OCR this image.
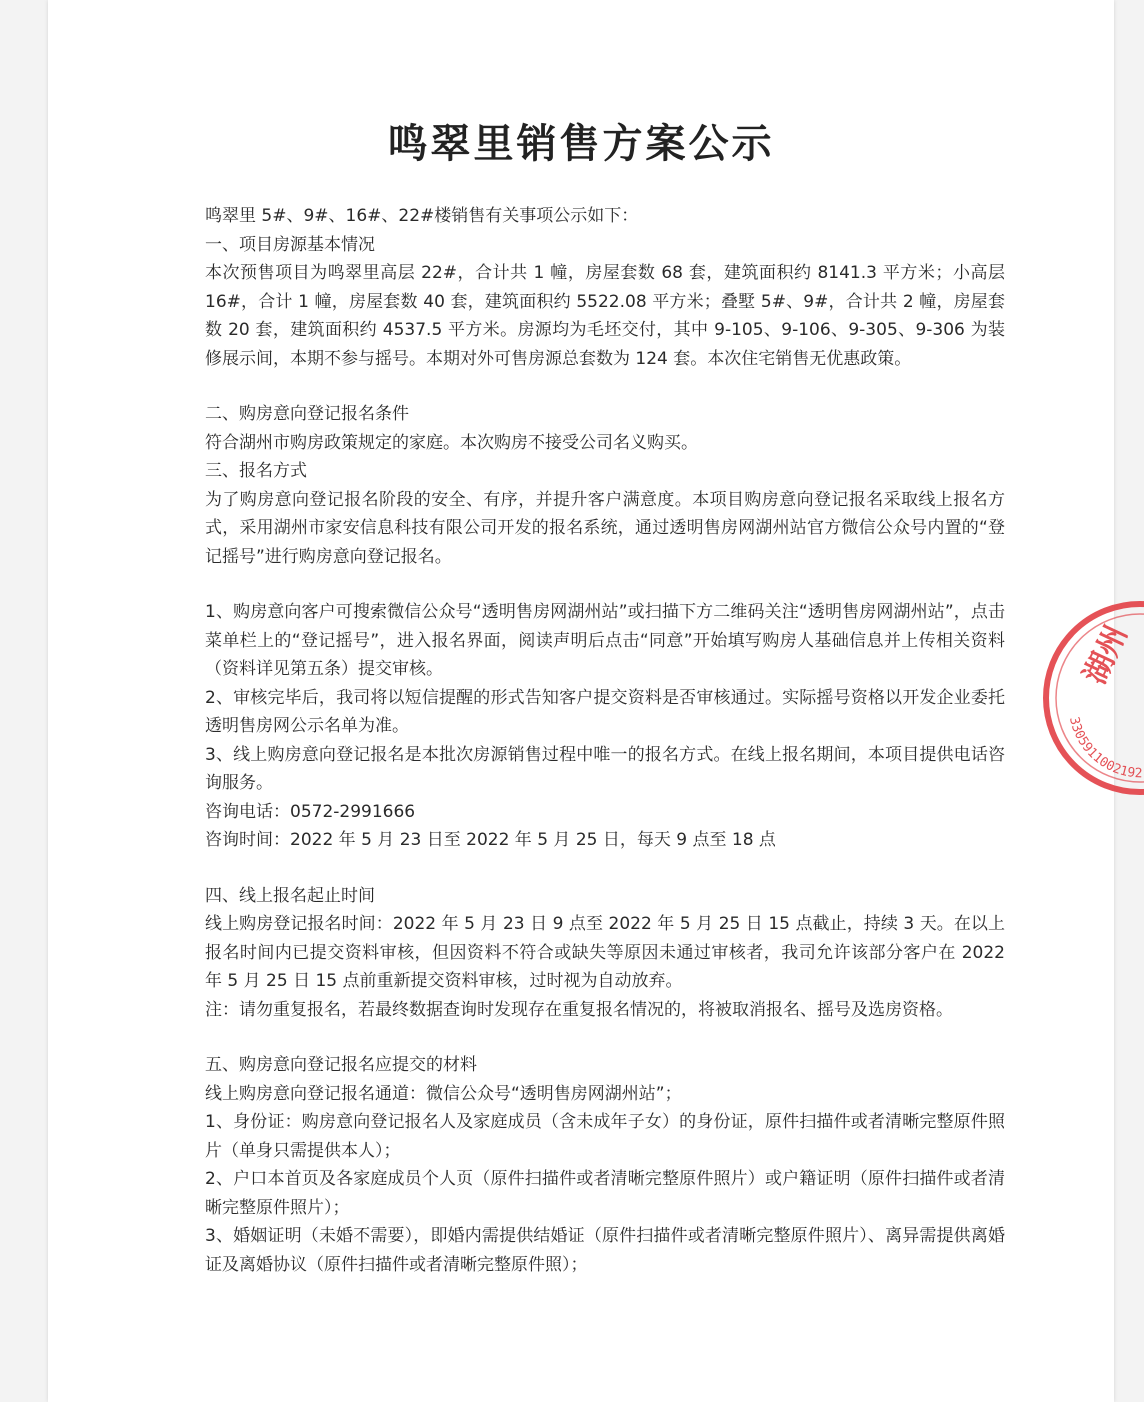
鸣翠里销售方案公示

鸣翠里 5#、9#、16#、22#楼销售有关事项公示如下：

一、项目房源基本情况

本次预售项目为鸣翠里高层 22#，合计共 1 幢，房屋套数 68 套，建筑面积约 8141.3 平方米；小高层 16#，合计 1 幢，房屋套数 40 套，建筑面积约 5522.08 平方米；叠墅 5#、9#，合计共 2 幢，房屋套数 20 套，建筑面积约 4537.5 平方米。房源均为毛坯交付，其中 9-105、9-106、9-305、9-306 为装修展示间，本期不参与摇号。本期对外可售房源总套数为 124 套。本次住宅销售无优惠政策。

二、购房意向登记报名条件

符合湖州市购房政策规定的家庭。本次购房不接受公司名义购买。

三、报名方式

为了购房意向登记报名阶段的安全、有序，并提升客户满意度。本项目购房意向登记报名采取线上报名方式，采用湖州市家安信息科技有限公司开发的报名系统，通过透明售房网湖州站官方微信公众号内置的“登记摇号”进行购房意向登记报名。

1、购房意向客户可搜索微信公众号“透明售房网湖州站”或扫描下方二维码关注“透明售房网湖州站”，点击菜单栏上的“登记摇号”，进入报名界面，阅读声明后点击“同意”开始填写购房人基础信息并上传相关资料（资料详见第五条）提交审核。

2、审核完毕后，我司将以短信提醒的形式告知客户提交资料是否审核通过。实际摇号资格以开发企业委托透明售房网公示名单为准。

3、线上购房意向登记报名是本批次房源销售过程中唯一的报名方式。在线上报名期间，本项目提供电话咨询服务。

咨询电话：0572-2991666

咨询时间：2022 年 5 月 23 日至 2022 年 5 月 25 日，每天 9 点至 18 点

四、线上报名起止时间

线上购房登记报名时间：2022 年 5 月 23 日 9 点至 2022 年 5 月 25 日 15 点截止，持续 3 天。在以上报名时间内已提交资料审核，但因资料不符合或缺失等原因未通过审核者，我司允许该部分客户在 2022 年 5 月 25 日 15 点前重新提交资料审核，过时视为自动放弃。

注：请勿重复报名，若最终数据查询时发现存在重复报名情况的，将被取消报名、摇号及选房资格。

五、购房意向登记报名应提交的材料

线上购房意向登记报名通道：微信公众号“透明售房网湖州站”；

1、身份证：购房意向登记报名人及家庭成员（含未成年子女）的身份证，原件扫描件或者清晰完整原件照片（单身只需提供本人）；

2、户口本首页及各家庭成员个人页（原件扫描件或者清晰完整原件照片）或户籍证明（原件扫描件或者清晰完整原件照片）；

3、婚姻证明（未婚不需要），即婚内需提供结婚证（原件扫描件或者清晰完整原件照片）、离异需提供离婚证及离婚协议（原件扫描件或者清晰完整原件照）；

3305911002192
湖州
